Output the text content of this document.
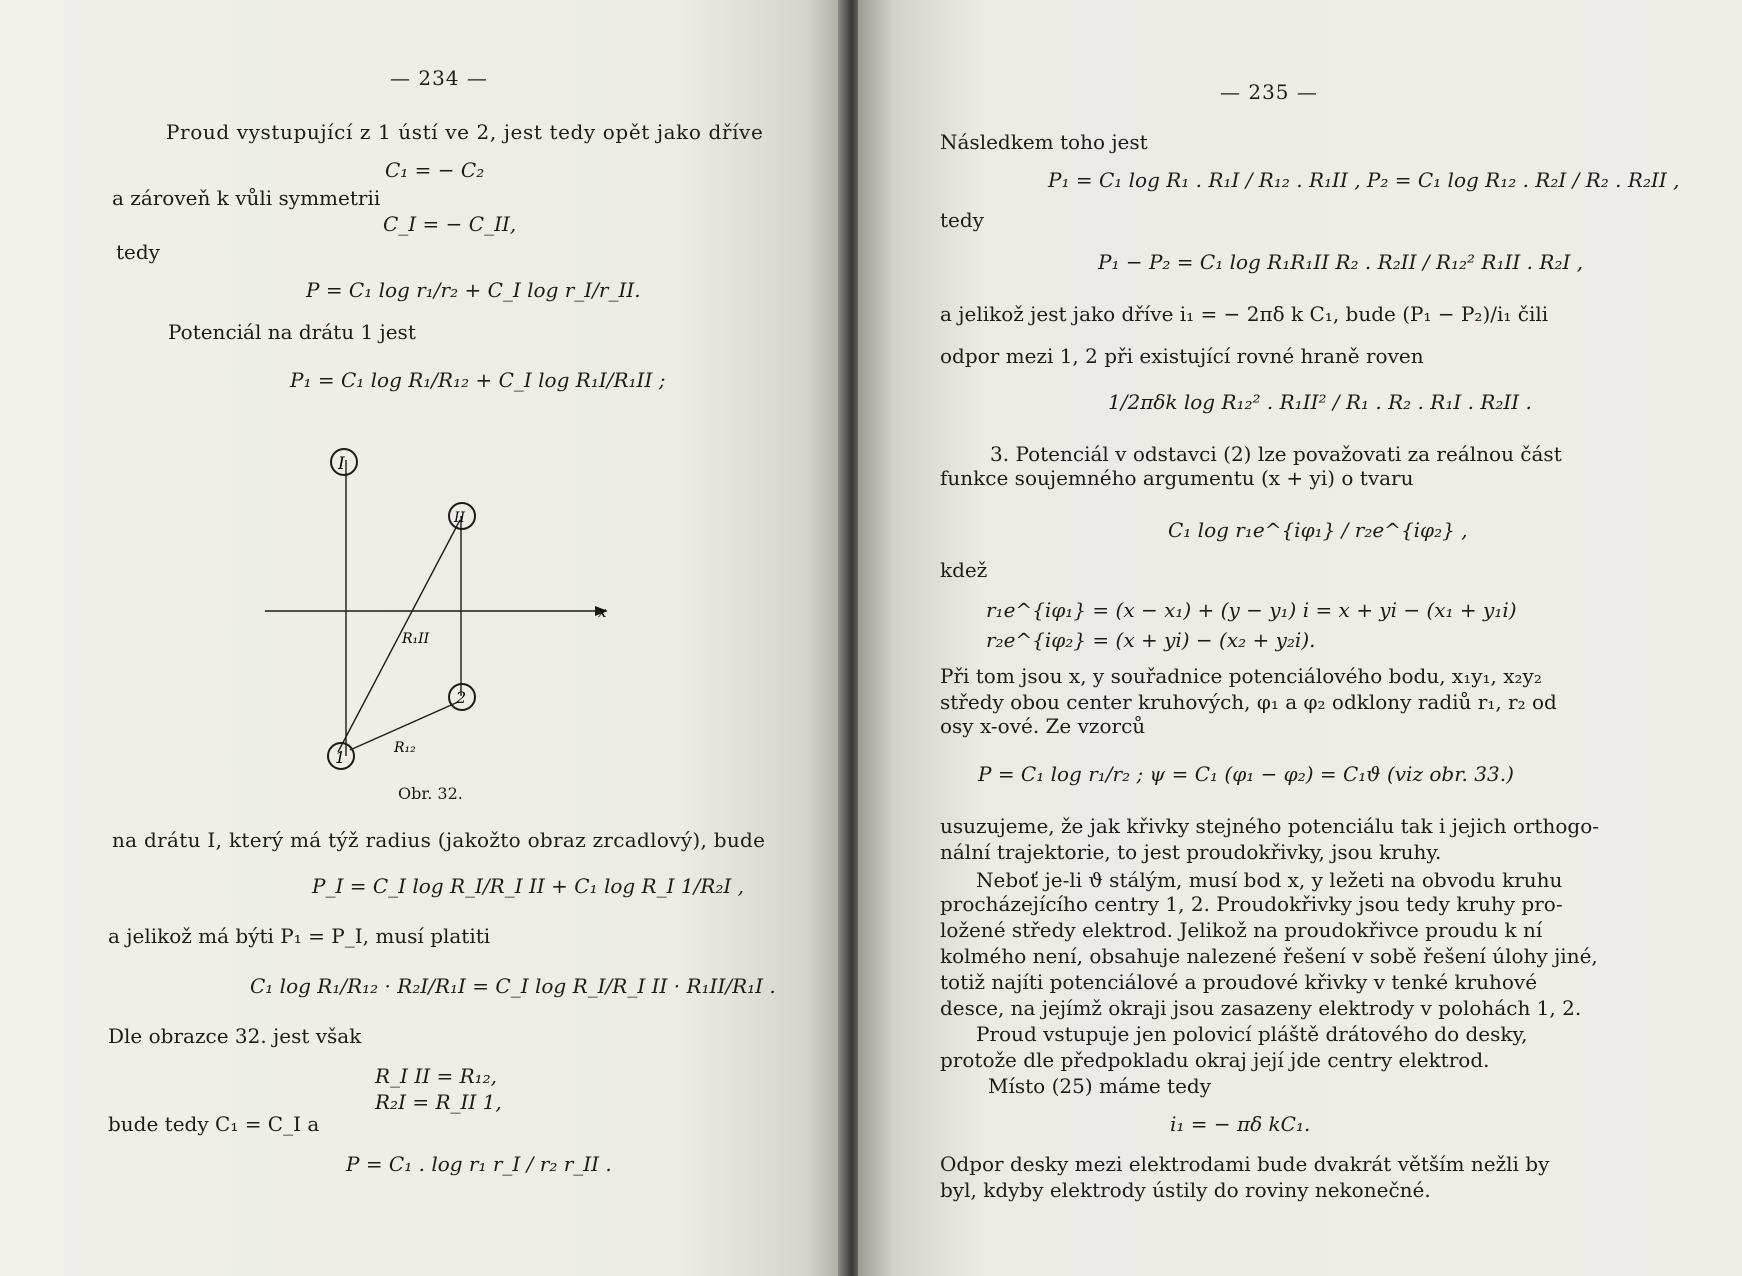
— 234 —
Proud vystupující z 1 ústí ve 2, jest tedy opět jako dříve
C₁ = − C₂
a zároveň k vůli symmetrii
C_I = − C_II,
tedy
P = C₁ log r₁/r₂ + C_I log r_I/r_II.
Potenciál na drátu 1 jest
P₁ = C₁ log R₁/R₁₂ + C_I log R₁I/R₁II ;
I
II
2
1
x
R₁II
R₁₂
Obr. 32.
na drátu I, který má týž radius (jakožto obraz zrcadlový), bude
P_I = C_I log R_I/R_I II + C₁ log R_I 1/R₂I ,
a jelikož má býti P₁ = P_I, musí platiti
C₁ log R₁/R₁₂ · R₂I/R₁I = C_I log R_I/R_I II · R₁II/R₁I .
Dle obrazce 32. jest však
R_I II = R₁₂,
R₂I = R_II 1,
bude tedy C₁ = C_I a
P = C₁ . log r₁ r_I / r₂ r_II .
— 235 —
Následkem toho jest
P₁ = C₁ log R₁ . R₁I / R₁₂ . R₁II , P₂ = C₁ log R₁₂ . R₂I / R₂ . R₂II ,
tedy
P₁ − P₂ = C₁ log R₁R₁II R₂ . R₂II / R₁₂² R₁II . R₂I ,
a jelikož jest jako dříve i₁ = − 2πδ k C₁, bude (P₁ − P₂)/i₁ čili
odpor mezi 1, 2 při existující rovné hraně roven
1/2πδk log R₁₂² . R₁II² / R₁ . R₂ . R₁I . R₂II .
3. Potenciál v odstavci (2) lze považovati za reálnou část
funkce soujemného argumentu (x + yi) o tvaru
C₁ log r₁e^{iφ₁} / r₂e^{iφ₂} ,
kdež
r₁e^{iφ₁} = (x − x₁) + (y − y₁) i = x + yi − (x₁ + y₁i)
r₂e^{iφ₂} = (x + yi) − (x₂ + y₂i).
Při tom jsou x, y souřadnice potenciálového bodu, x₁y₁, x₂y₂
středy obou center kruhových, φ₁ a φ₂ odklony radiů r₁, r₂ od
osy x-ové. Ze vzorců
P = C₁ log r₁/r₂ ; ψ = C₁ (φ₁ − φ₂) = C₁ϑ (viz obr. 33.)
usuzujeme, že jak křivky stejného potenciálu tak i jejich orthogo-
nální trajektorie, to jest proudokřivky, jsou kruhy.
Neboť je-li ϑ stálým, musí bod x, y ležeti na obvodu kruhu
procházejícího centry 1, 2. Proudokřivky jsou tedy kruhy pro-
ložené středy elektrod. Jelikož na proudokřivce proudu k ní
kolmého není, obsahuje nalezené řešení v sobě řešení úlohy jiné,
totiž najíti potenciálové a proudové křivky v tenké kruhové
desce, na jejímž okraji jsou zasazeny elektrody v polohách 1, 2.
Proud vstupuje jen polovicí pláště drátového do desky,
protože dle předpokladu okraj její jde centry elektrod.
Místo (25) máme tedy
i₁ = − πδ kC₁.
Odpor desky mezi elektrodami bude dvakrát větším nežli by
byl, kdyby elektrody ústily do roviny nekonečné.
